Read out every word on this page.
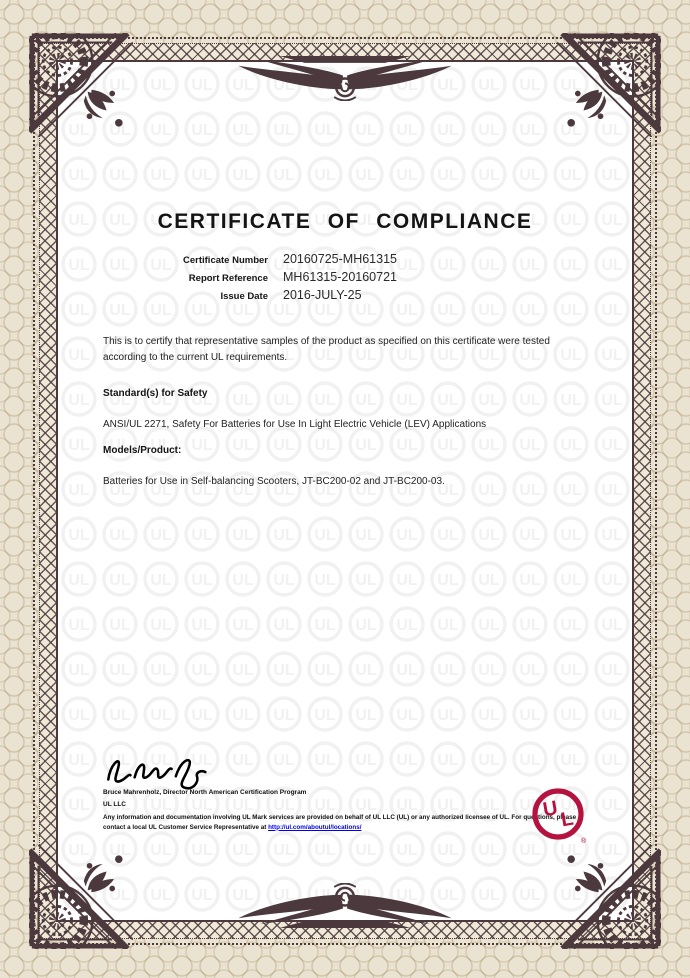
CERTIFICATE OF COMPLIANCE
Certificate Number 20160725-MH61315
Report Reference MH61315-20160721
Issue Date 2016-JULY-25
This is to certify that representative samples of the product as specified on this certificate were tested according to the current UL requirements.
Standard(s) for Safety
ANSI/UL 2271, Safety For Batteries for Use In Light Electric Vehicle (LEV) Applications
Models/Product:
Batteries for Use in Self-balancing Scooters, JT-BC200-02 and JT-BC200-03.
Bruce Mahrenholz, Director North American Certification Program
UL LLC
Any information and documentation involving UL Mark services are provided on behalf of UL LLC (UL) or any authorized licensee of UL. For questions, please
contact a local UL Customer Service Representative at http://ul.com/aboutul/locations/
U L
®
